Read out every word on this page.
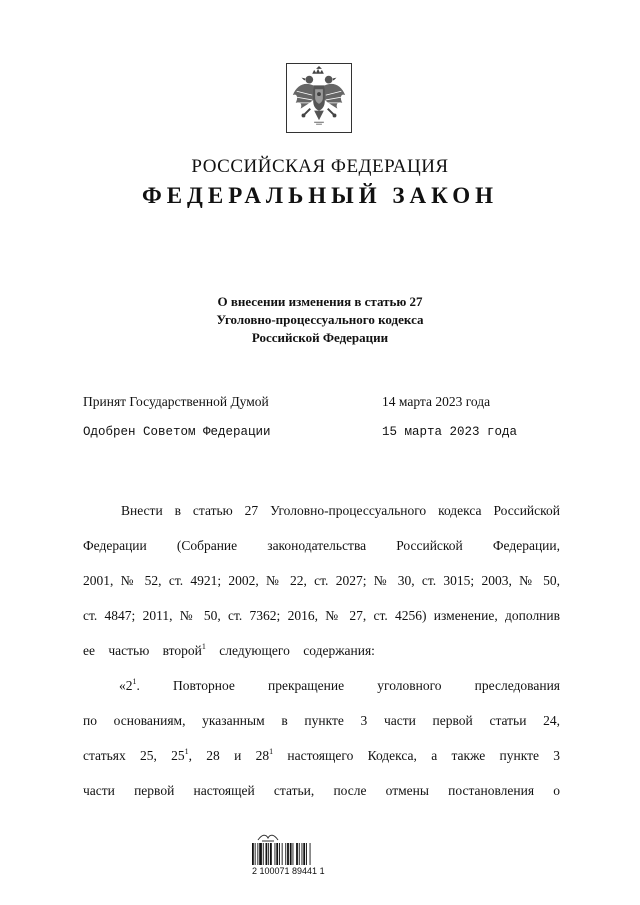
РОССИЙСКАЯ ФЕДЕРАЦИЯ
ФЕДЕРАЛЬНЫЙ ЗАКОН
О внесении изменения в статью 27
Уголовно-процессуального кодекса
Российской Федерации
Принят Государственной Думой	14 марта 2023 года
Одобрен Советом Федерации	15 марта 2023 года
Внести в статью 27 Уголовно-процессуального кодекса Российской
Федерации (Собрание законодательства Российской Федерации,
2001, № 52, ст. 4921; 2002, № 22, ст. 2027; № 30, ст. 3015; 2003, № 50,
ст. 4847; 2011, № 50, ст. 7362; 2016, № 27, ст. 4256) изменение, дополнив
ее частью второй$^1$ следующего содержания:
«$2^1$. Повторное прекращение уголовного преследования
по основаниям, указанным в пункте 3 части первой статьи 24,
статьях 25, $25^1$, 28 и $28^1$ настоящего Кодекса, а также пункте 3
части первой настоящей статьи, после отмены постановления о
2 100071 89441 1
